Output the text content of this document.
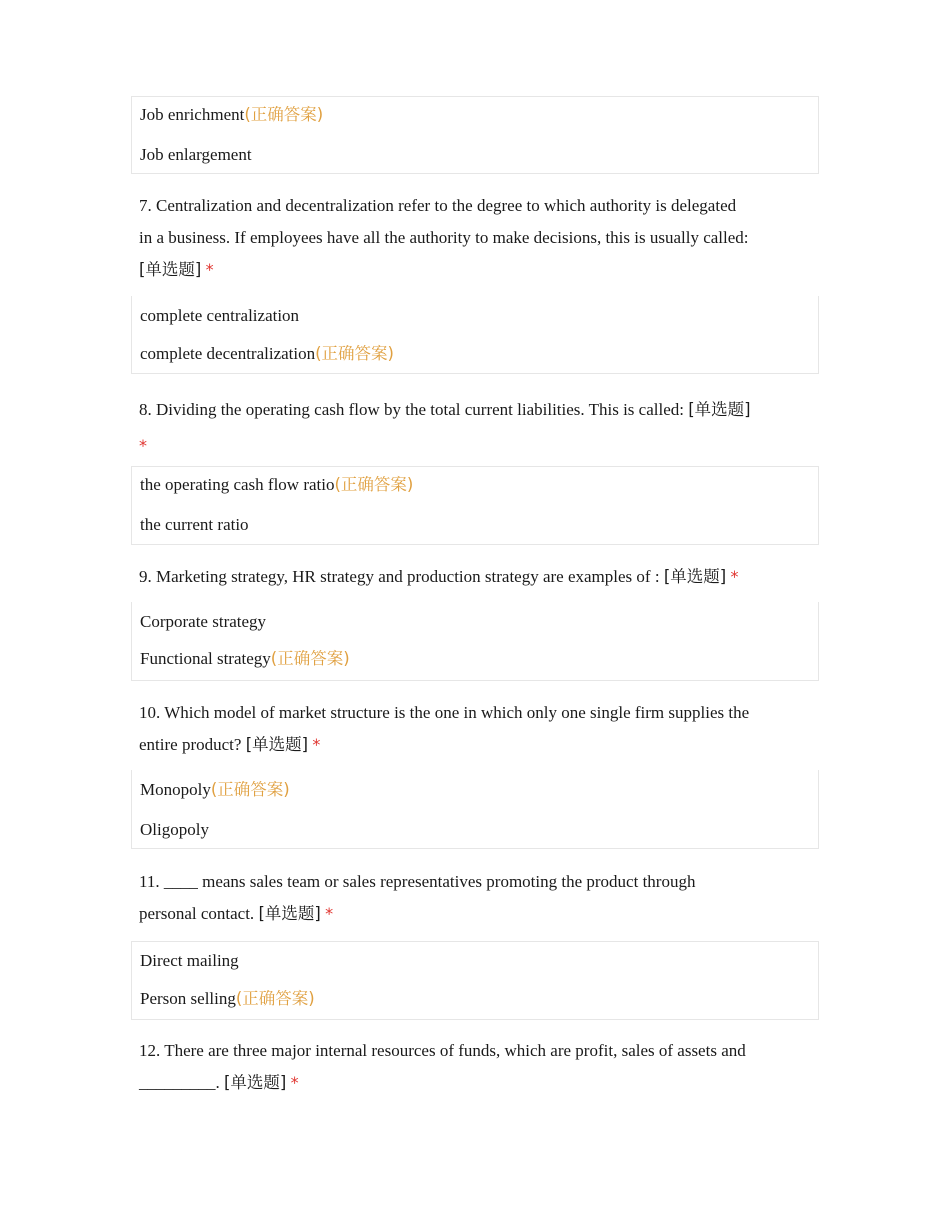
Job enrichment(正确答案)
Job enlargement
7. Centralization and decentralization refer to the degree to which authority is delegated
in a business. If employees have all the authority to make decisions, this is usually called:
[单选题] *
complete centralization
complete decentralization(正确答案)
8. Dividing the operating cash flow by the total current liabilities. This is called: [单选题]
*
the operating cash flow ratio(正确答案)
the current ratio
9. Marketing strategy, HR strategy and production strategy are examples of : [单选题] *
Corporate strategy
Functional strategy(正确答案)
10. Which model of market structure is the one in which only one single firm supplies the
entire product? [单选题] *
Monopoly(正确答案)
Oligopoly
11. ____ means sales team or sales representatives promoting the product through
personal contact. [单选题] *
Direct mailing
Person selling(正确答案)
12. There are three major internal resources of funds, which are profit, sales of assets and
_________. [单选题] *
